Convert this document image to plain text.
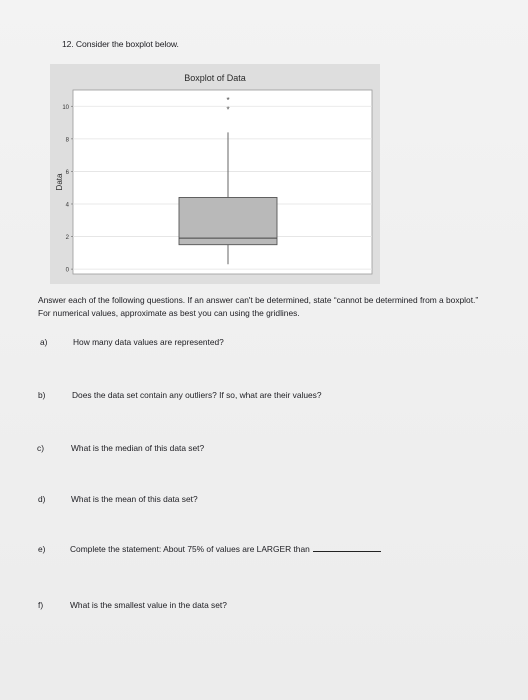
12. Consider the boxplot below.
Boxplot of Data
0
2
4
6
8
10
Data
*
*
Answer each of the following questions. If an answer can't be determined, state “cannot be determined from a boxplot.” For numerical values, approximate as best you can using the gridlines.
a)	How many data values are represented?
b)	Does the data set contain any outliers? If so, what are their values?
c)	What is the median of this data set?
d)	What is the mean of this data set?
e)	Complete the statement: About 75% of values are LARGER than
f)	What is the smallest value in the data set?
